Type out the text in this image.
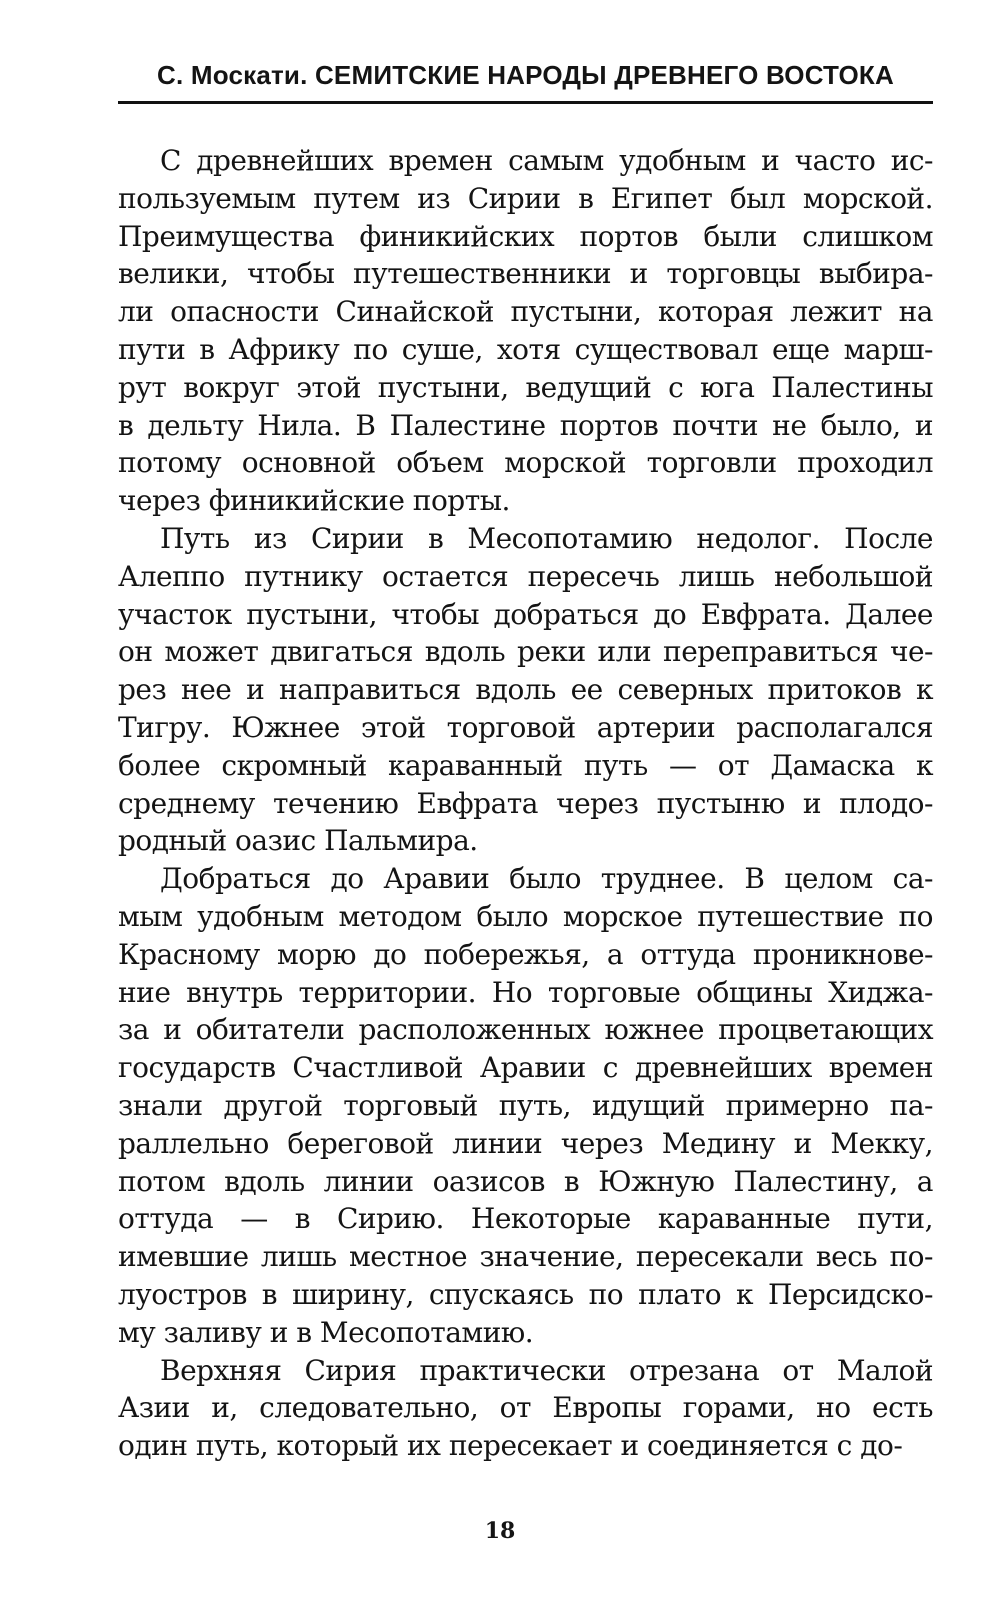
С. Москати. СЕМИТСКИЕ НАРОДЫ ДРЕВНЕГО ВОСТОКА

С древнейших времен самым удобным и часто ис-
пользуемым путем из Сирии в Египет был морской.
Преимущества финикийских портов были слишком
велики, чтобы путешественники и торговцы выбира-
ли опасности Синайской пустыни, которая лежит на
пути в Африку по суше, хотя существовал еще марш-
рут вокруг этой пустыни, ведущий с юга Палестины
в дельту Нила. В Палестине портов почти не было, и
потому основной объем морской торговли проходил
через финикийские порты.

Путь из Сирии в Месопотамию недолог. После
Алеппо путнику остается пересечь лишь небольшой
участок пустыни, чтобы добраться до Евфрата. Далее
он может двигаться вдоль реки или переправиться че-
рез нее и направиться вдоль ее северных притоков к
Тигру. Южнее этой торговой артерии располагался
более скромный караванный путь — от Дамаска к
среднему течению Евфрата через пустыню и плодо-
родный оазис Пальмира.

Добраться до Аравии было труднее. В целом са-
мым удобным методом было морское путешествие по
Красному морю до побережья, а оттуда проникнове-
ние внутрь территории. Но торговые общины Хиджа-
за и обитатели расположенных южнее процветающих
государств Счастливой Аравии с древнейших времен
знали другой торговый путь, идущий примерно па-
раллельно береговой линии через Медину и Мекку,
потом вдоль линии оазисов в Южную Палестину, а
оттуда — в Сирию. Некоторые караванные пути,
имевшие лишь местное значение, пересекали весь по-
луостров в ширину, спускаясь по плато к Персидско-
му заливу и в Месопотамию.

Верхняя Сирия практически отрезана от Малой
Азии и, следовательно, от Европы горами, но есть
один путь, который их пересекает и соединяется с до-

18
